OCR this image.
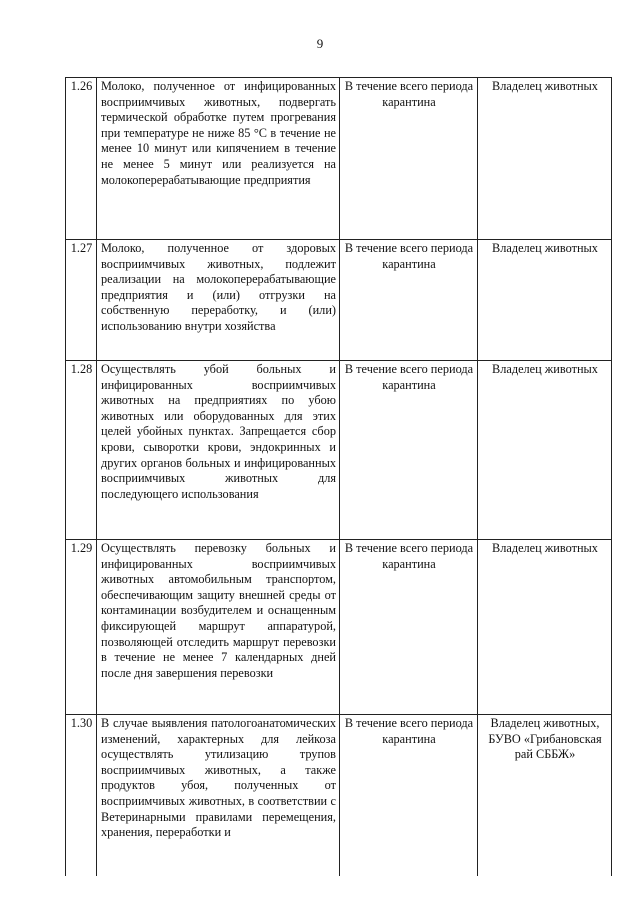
9
1.26	Молоко, полученное от инфицированных восприимчивых животных, подвергать термической обработке путем прогревания при температуре не ниже 85 °С в течение не менее 10 минут или кипячением в течение не менее 5 минут или реализуется на молокоперерабатывающие предприятия	В течение всего периода карантина	Владелец животных
1.27	Молоко, полученное от здоровых восприимчивых животных, подлежит реализации на молокоперерабатывающие предприятия и (или) отгрузки на собственную переработку, и (или) использованию внутри хозяйства	В течение всего периода карантина	Владелец животных
1.28	Осуществлять убой больных и инфицированных восприимчивых животных на предприятиях по убою животных или оборудованных для этих целей убойных пунктах. Запрещается сбор крови, сыворотки крови, эндокринных и других органов больных и инфицированных восприимчивых животных для последующего использования	В течение всего периода карантина	Владелец животных
1.29	Осуществлять перевозку больных и инфицированных восприимчивых животных автомобильным транспортом, обеспечивающим защиту внешней среды от контаминации возбудителем и оснащенным фиксирующей маршрут аппаратурой, позволяющей отследить маршрут перевозки в течение не менее 7 календарных дней после дня завершения перевозки	В течение всего периода карантина	Владелец животных
1.30	В случае выявления патологоанатомических изменений, характерных для лейкоза осуществлять утилизацию трупов восприимчивых животных, а также продуктов убоя, полученных от восприимчивых животных, в соответствии с Ветеринарными правилами перемещения, хранения, переработки и	В течение всего периода карантина	Владелец животных, БУВО «Грибановская рай СББЖ»
